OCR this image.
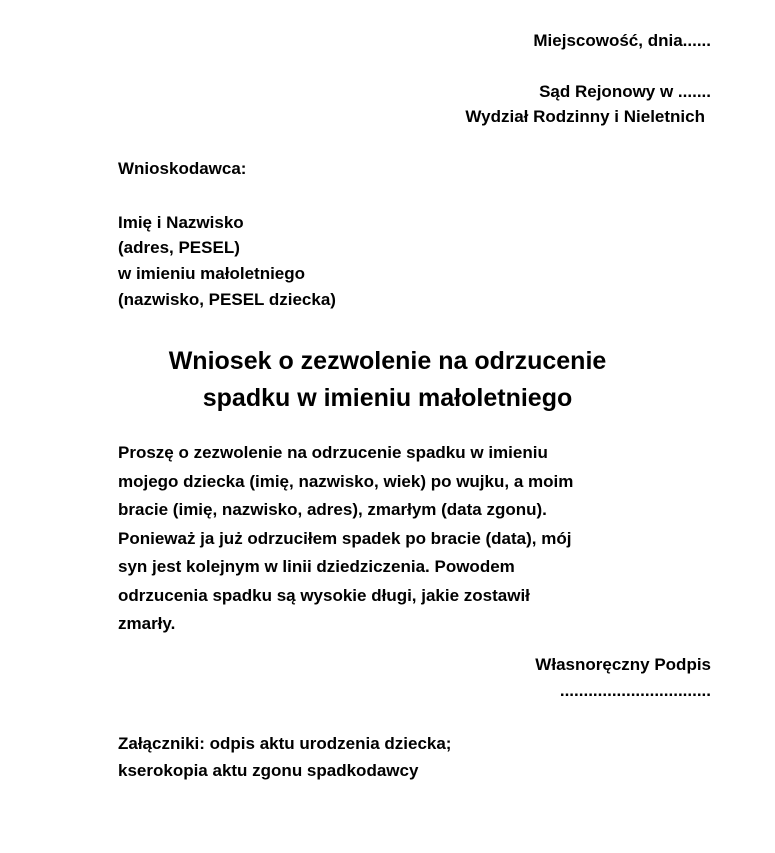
Miejscowość, dnia......
Sąd Rejonowy w .......
Wydział Rodzinny i Nieletnich
Wnioskodawca:
Imię i Nazwisko
(adres, PESEL)
w imieniu małoletniego
(nazwisko, PESEL dziecka)
Wniosek o zezwolenie na odrzucenie
spadku w imieniu małoletniego
Proszę o zezwolenie na odrzucenie spadku w imieniu
mojego dziecka (imię, nazwisko, wiek) po wujku, a moim
bracie (imię, nazwisko, adres), zmarłym (data zgonu).
Ponieważ ja już odrzuciłem spadek po bracie (data), mój
syn jest kolejnym w linii dziedziczenia. Powodem
odrzucenia spadku są wysokie długi, jakie zostawił
zmarły.
Własnoręczny Podpis
................................
Załączniki: odpis aktu urodzenia dziecka;
kserokopia aktu zgonu spadkodawcy
